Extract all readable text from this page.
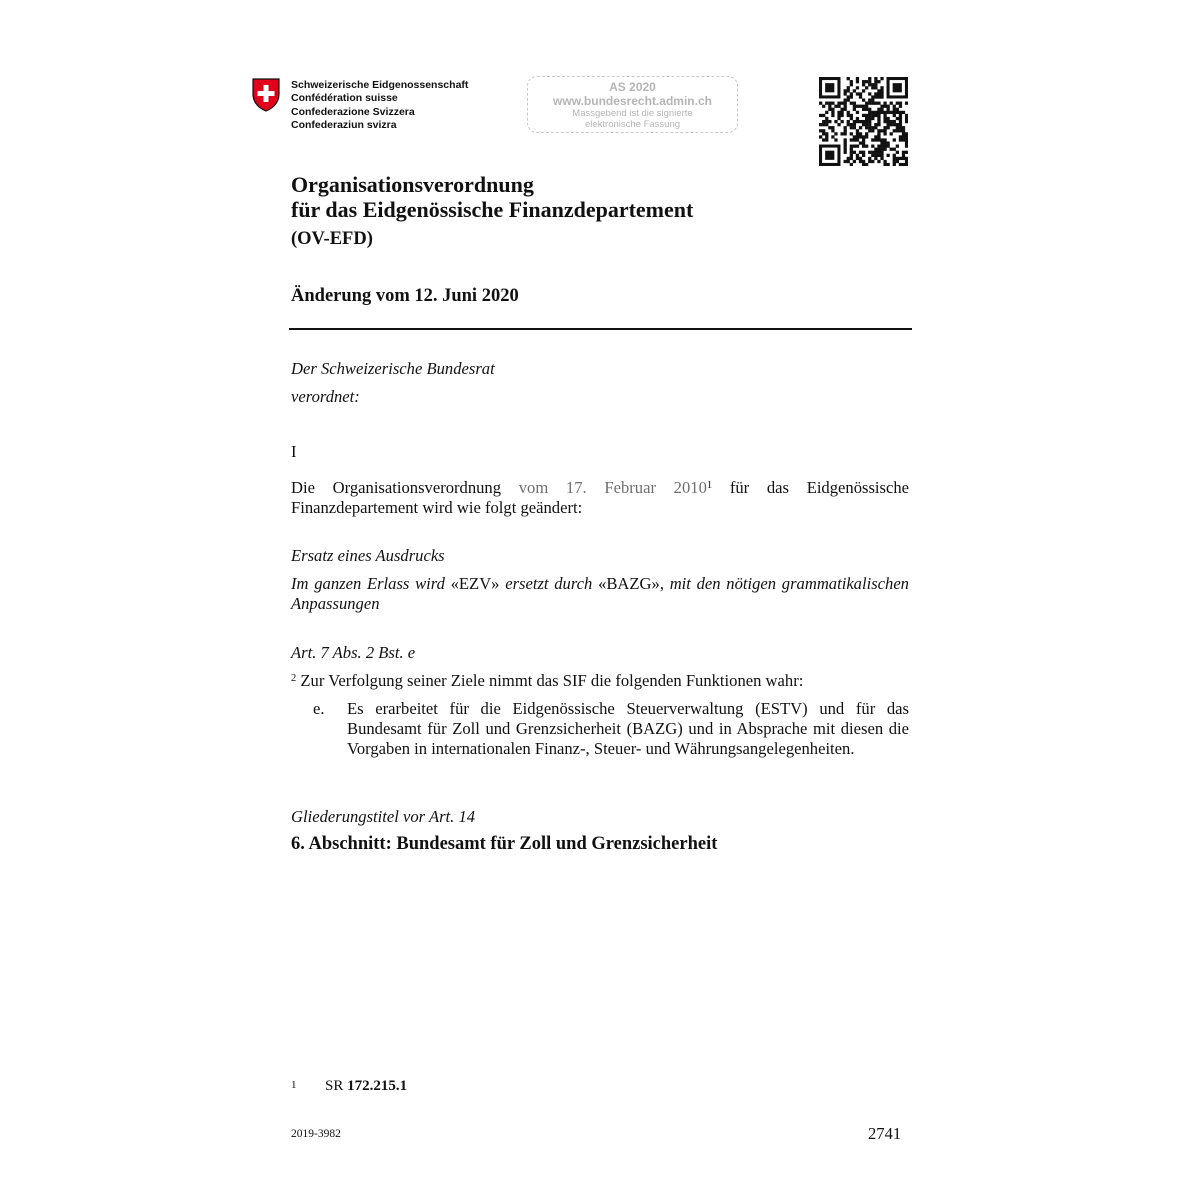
Schweizerische Eidgenossenschaft
Confédération suisse
Confederazione Svizzera
Confederaziun svizra
AS 2020
www.bundesrecht.admin.ch
Massgebend ist die signierte
elektronische Fassung
Organisationsverordnung
für das Eidgenössische Finanzdepartement
(OV-EFD)
Änderung vom 12. Juni 2020
Der Schweizerische Bundesrat
verordnet:
I
Die Organisationsverordnung vom 17. Februar 2010$^1$ für das Eidgenössische Finanzdepartement wird wie folgt geändert:
Ersatz eines Ausdrucks
Im ganzen Erlass wird «EZV» ersetzt durch «BAZG», mit den nötigen grammatikalischen Anpassungen
Art. 7 Abs. 2 Bst. e
$^2$ Zur Verfolgung seiner Ziele nimmt das SIF die folgenden Funktionen wahr:
e. Es erarbeitet für die Eidgenössische Steuerverwaltung (ESTV) und für das Bundesamt für Zoll und Grenzsicherheit (BAZG) und in Absprache mit diesen die Vorgaben in internationalen Finanz-, Steuer- und Währungsangelegenheiten.
Gliederungstitel vor Art. 14
6. Abschnitt: Bundesamt für Zoll und Grenzsicherheit
1 SR 172.215.1
2019-3982	2741
